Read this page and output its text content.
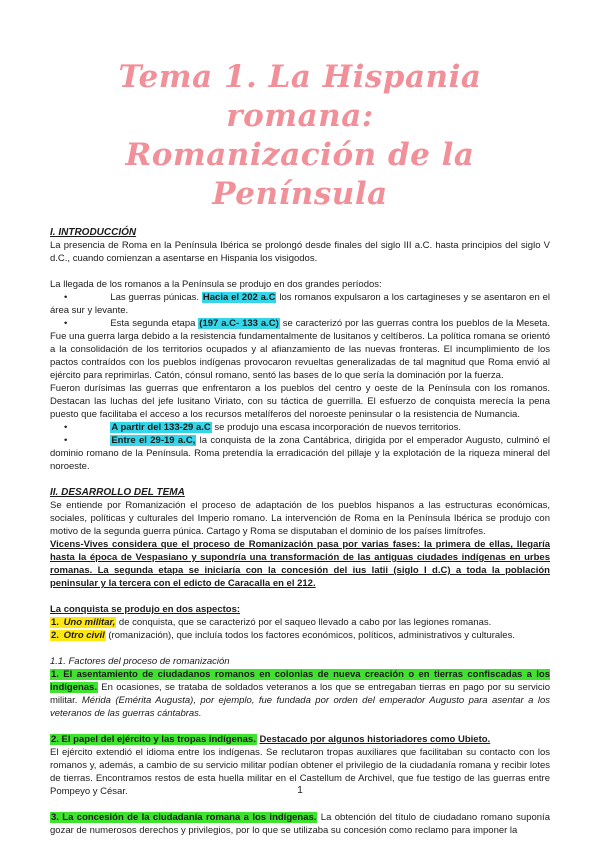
Tema 1. La Hispania romana:
Romanización de la Península
I. INTRODUCCIÓN
La presencia de Roma en la Península Ibérica se prolongó desde finales del siglo III a.C. hasta principios del siglo V d.C., cuando comienzan a asentarse en Hispania los visigodos.
La llegada de los romanos a la Península se produjo en dos grandes períodos:
•	Las guerras púnicas. Hacia el 202 a.C los romanos expulsaron a los cartagineses y se asentaron en el área sur y levante.
•	Esta segunda etapa (197 a.C- 133 a.C) se caracterizó por las guerras contra los pueblos de la Meseta. Fue una guerra larga debido a la resistencia fundamentalmente de lusitanos y celtíberos. La política romana se orientó a la consolidación de los territorios ocupados y al afianzamiento de las nuevas fronteras. El incumplimiento de los pactos contraídos con los pueblos indígenas provocaron revueltas generalizadas de tal magnitud que Roma envió al ejército para reprimirlas. Catón, cónsul romano, sentó las bases de lo que sería la dominación por la fuerza.
Fueron durísimas las guerras que enfrentaron a los pueblos del centro y oeste de la Península con los romanos. Destacan las luchas del jefe lusitano Viriato, con su táctica de guerrilla. El esfuerzo de conquista merecía la pena puesto que facilitaba el acceso a los recursos metalíferos del noroeste peninsular o la resistencia de Numancia.
•	A partir del 133-29 a.C se produjo una escasa incorporación de nuevos territorios.
•	Entre el 29-19 a.C, la conquista de la zona Cantábrica, dirigida por el emperador Augusto, culminó el dominio romano de la Península. Roma pretendía la erradicación del pillaje y la explotación de la riqueza mineral del noroeste.
II. DESARROLLO DEL TEMA
Se entiende por Romanización el proceso de adaptación de los pueblos hispanos a las estructuras económicas, sociales, políticas y culturales del Imperio romano. La intervención de Roma en la Península Ibérica se produjo con motivo de la segunda guerra púnica. Cartago y Roma se disputaban el dominio de los países limítrofes.
Vicens-Vives considera que el proceso de Romanización pasa por varias fases: la primera de ellas, llegaría hasta la época de Vespasiano y supondría una transformación de las antiguas ciudades indígenas en urbes romanas. La segunda etapa se iniciaría con la concesión del ius latii (siglo I d.C) a toda la población peninsular y la tercera con el edicto de Caracalla en el 212.
La conquista se produjo en dos aspectos:
1. Uno militar, de conquista, que se caracterizó por el saqueo llevado a cabo por las legiones romanas.
2. Otro civil (romanización), que incluía todos los factores económicos, políticos, administrativos y culturales.
1.1. Factores del proceso de romanización
1. El asentamiento de ciudadanos romanos en colonias de nueva creación o en tierras confiscadas a los indígenas. En ocasiones, se trataba de soldados veteranos a los que se entregaban tierras en pago por su servicio militar. Mérida (Emérita Augusta), por ejemplo, fue fundada por orden del emperador Augusto para asentar a los veteranos de las guerras cántabras.
2. El papel del ejército y las tropas indígenas. Destacado por algunos historiadores como Ubieto.
El ejército extendió el idioma entre los indígenas. Se reclutaron tropas auxiliares que facilitaban su contacto con los romanos y, además, a cambio de su servicio militar podían obtener el privilegio de la ciudadanía romana y recibir lotes de tierras. Encontramos restos de esta huella militar en el Castellum de Archivel, que fue testigo de las guerras entre Pompeyo y César.
3. La concesión de la ciudadanía romana a los indígenas. La obtención del título de ciudadano romano suponía gozar de numerosos derechos y privilegios, por lo que se utilizaba su concesión como reclamo para imponer la
1
